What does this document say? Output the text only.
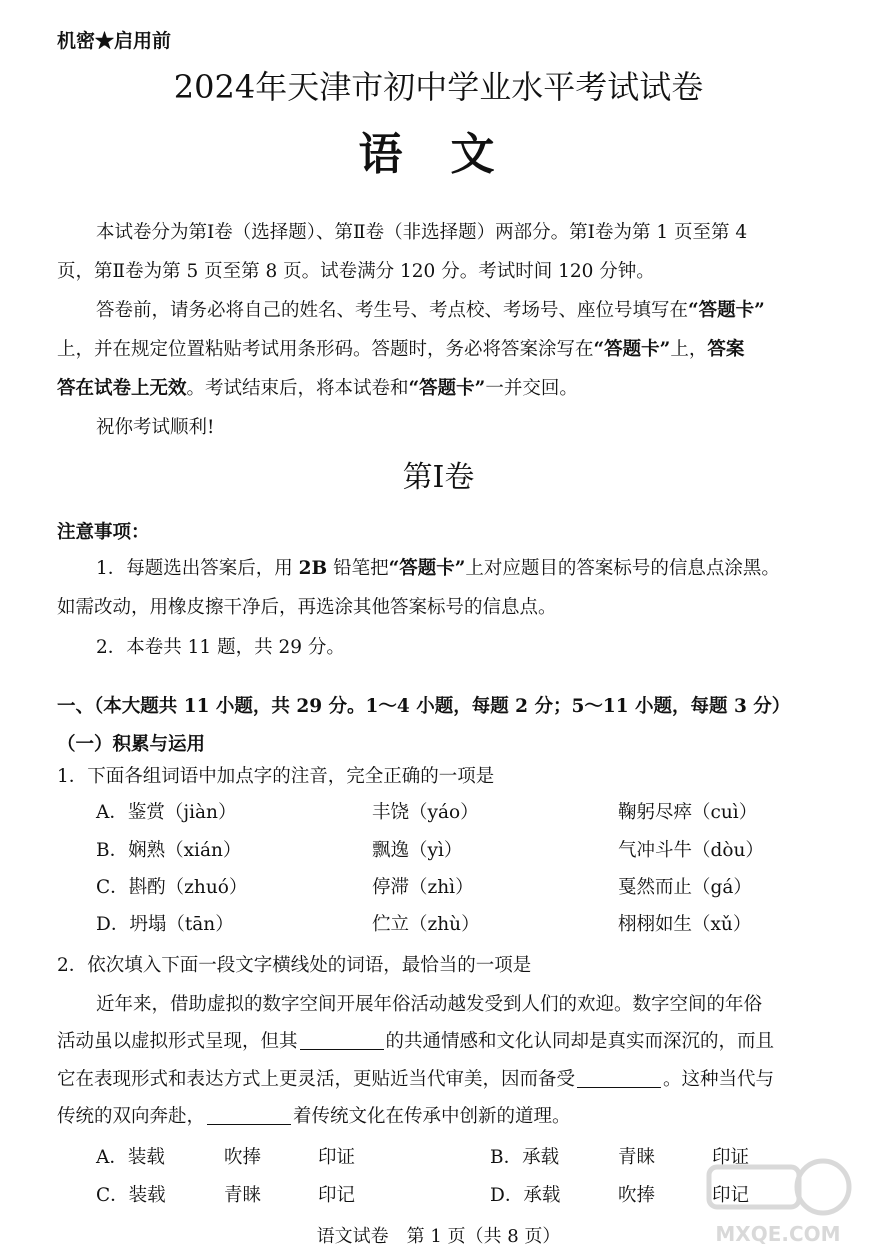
机密★启用前
2024年天津市初中学业水平考试试卷
语文
本试卷分为第Ⅰ卷（选择题）、第Ⅱ卷（非选择题）两部分。第Ⅰ卷为第 1 页至第 4
页，第Ⅱ卷为第 5 页至第 8 页。试卷满分 120 分。考试时间 120 分钟。
答卷前，请务必将自己的姓名、考生号、考点校、考场号、座位号填写在“答题卡”
上，并在规定位置粘贴考试用条形码。答题时，务必将答案涂写在“答题卡”上，答案
答在试卷上无效。考试结束后，将本试卷和“答题卡”一并交回。
祝你考试顺利!
第Ⅰ卷
注意事项：
1．每题选出答案后，用 2B 铅笔把“答题卡”上对应题目的答案标号的信息点涂黑。
如需改动，用橡皮擦干净后，再选涂其他答案标号的信息点。
2．本卷共 11 题，共 29 分。
一、（本大题共 11 小题，共 29 分。1～4 小题，每题 2 分；5～11 小题，每题 3 分）
（一）积累与运用
1．下面各组词语中加点字的注音，完全正确的一项是
A．鉴赏（jiàn）	丰饶（yáo）	鞠躬尽瘁（cuì）
B．娴熟（xián）	飘逸（yì）	气冲斗牛（dòu）
C．斟酌（zhuó）	停滞（zhì）	戛然而止（gá）
D．坍塌（tān）	伫立（zhù）	栩栩如生（xǔ）
2．依次填入下面一段文字横线处的词语，最恰当的一项是
近年来，借助虚拟的数字空间开展年俗活动越发受到人们的欢迎。数字空间的年俗
活动虽以虚拟形式呈现，但其	的共通情感和文化认同却是真实而深沉的，而且
它在表现形式和表达方式上更灵活，更贴近当代审美，因而备受	。这种当代与
传统的双向奔赴，	着传统文化在传承中创新的道理。
A．装载	吹捧	印证	B．承载	青睐	印证
C．装载	青睐	印记	D．承载	吹捧	印记
语文试卷　第 1 页（共 8 页）	MXQE.COM
